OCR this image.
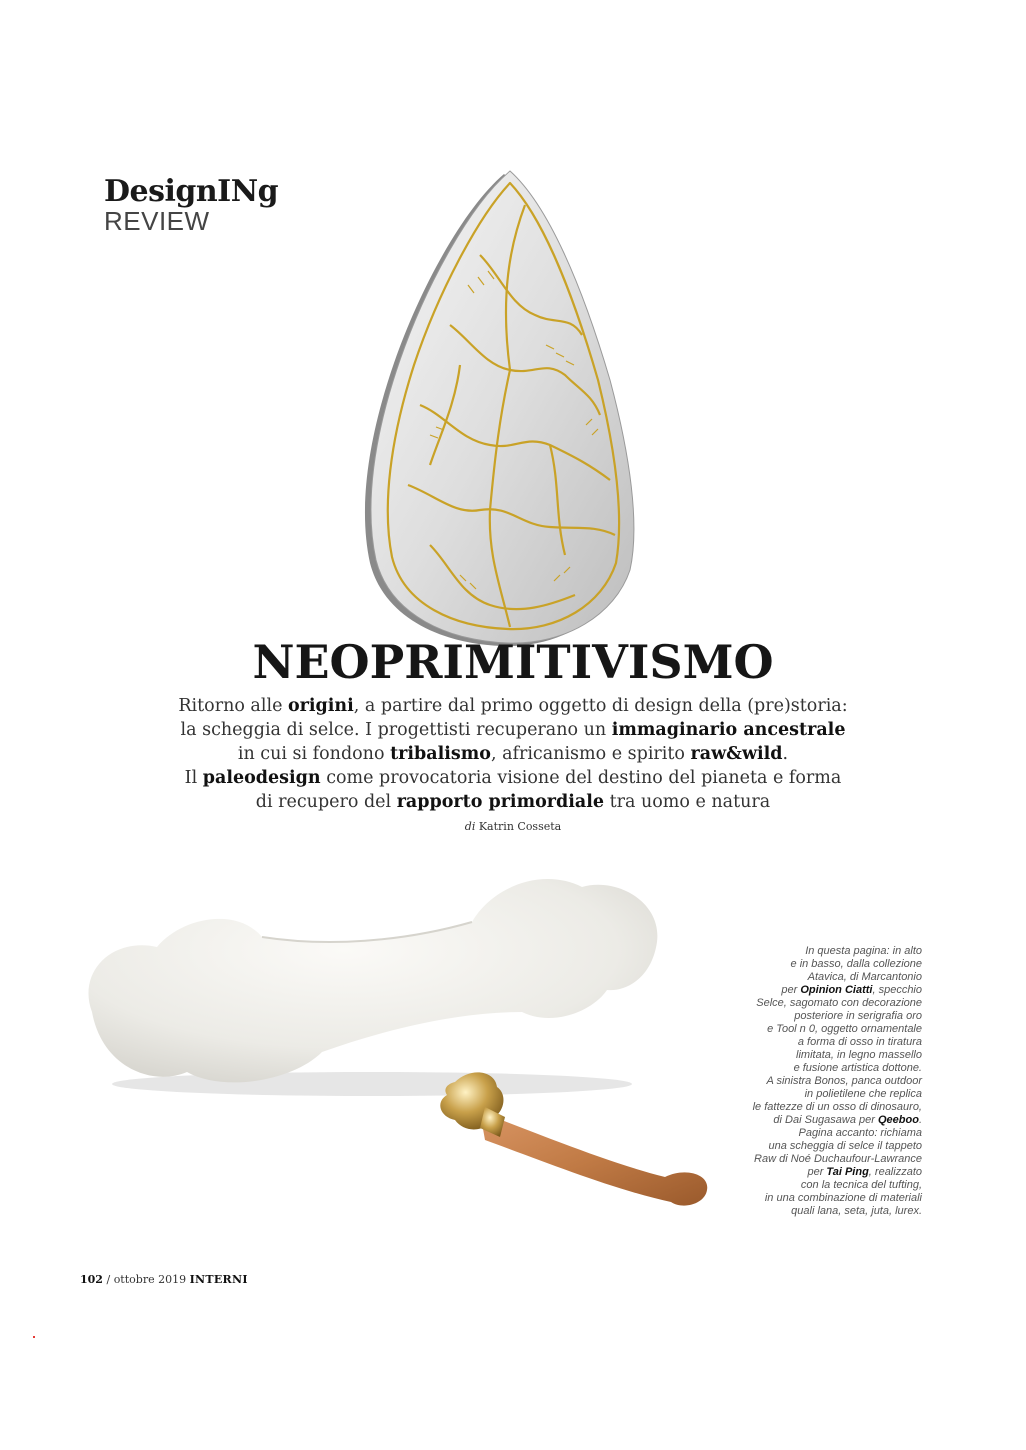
DesignINg
REVIEW
NEOPRIMITIVISMO
Ritorno alle origini, a partire dal primo oggetto di design della (pre)storia:
la scheggia di selce. I progettisti recuperano un immaginario ancestrale
in cui si fondono tribalismo, africanismo e spirito raw&wild.
Il paleodesign come provocatoria visione del destino del pianeta e forma
di recupero del rapporto primordiale tra uomo e natura
di Katrin Cosseta
In questa pagina: in alto
e in basso, dalla collezione
Atavica, di Marcantonio
per Opinion Ciatti, specchio
Selce, sagomato con decorazione
posteriore in serigrafia oro
e Tool n 0, oggetto ornamentale
a forma di osso in tiratura
limitata, in legno massello
e fusione artistica dottone.
A sinistra Bonos, panca outdoor
in polietilene che replica
le fattezze di un osso di dinosauro,
di Dai Sugasawa per Qeeboo.
Pagina accanto: richiama
una scheggia di selce il tappeto
Raw di Noé Duchaufour-Lawrance
per Tai Ping, realizzato
con la tecnica del tufting,
in una combinazione di materiali
quali lana, seta, juta, lurex.
102 / ottobre 2019 INTERNI
